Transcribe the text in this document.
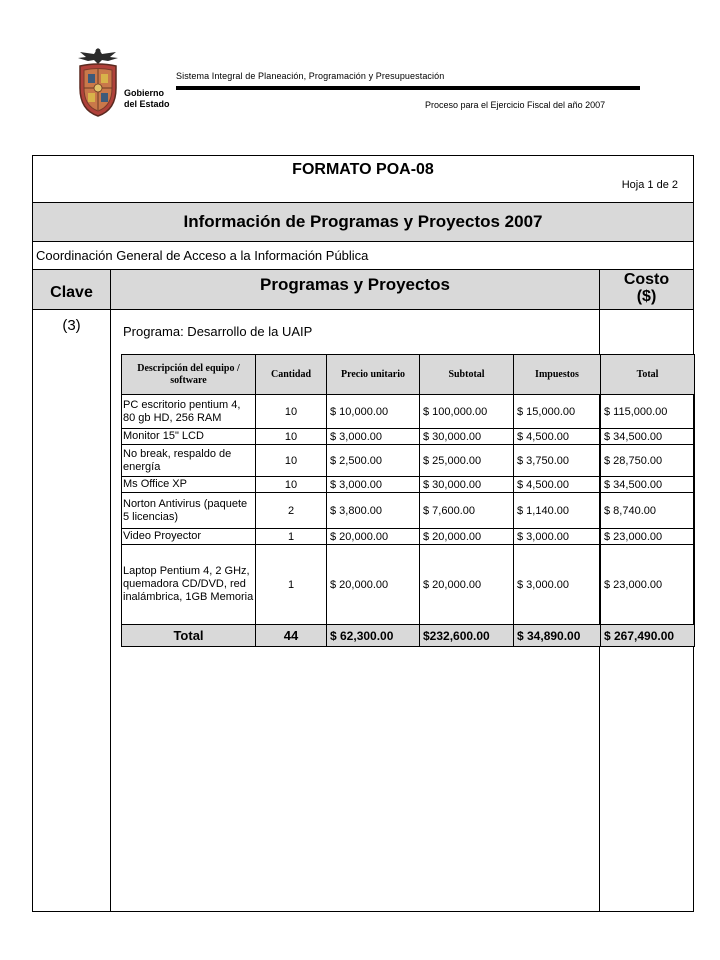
Gobierno
del Estado
Sistema Integral de Planeación, Programación y Presupuestación
Proceso para el Ejercicio Fiscal del año 2007
FORMATO POA-08
Hoja 1 de 2
Información de Programas y Proyectos 2007
Coordinación General de Acceso a la Información Pública
Clave	Programas y Proyectos	Costo
($)
(3)	Programa: Desarrollo de la UAIP
Descripción del equipo / software	Cantidad	Precio unitario	Subtotal	Impuestos	Total
PC escritorio pentium 4, 80 gb HD, 256 RAM	10	$ 10,000.00	$ 100,000.00	$ 15,000.00	$ 115,000.00
Monitor 15" LCD	10	$ 3,000.00	$ 30,000.00	$ 4,500.00	$ 34,500.00
No break, respaldo de energía	10	$ 2,500.00	$ 25,000.00	$ 3,750.00	$ 28,750.00
Ms Office XP	10	$ 3,000.00	$ 30,000.00	$ 4,500.00	$ 34,500.00
Norton Antivirus (paquete 5 licencias)	2	$ 3,800.00	$ 7,600.00	$ 1,140.00	$ 8,740.00
Video Proyector	1	$ 20,000.00	$ 20,000.00	$ 3,000.00	$ 23,000.00
Laptop Pentium 4, 2 GHz, quemadora CD/DVD, red inalámbrica, 1GB Memoria	1	$ 20,000.00	$ 20,000.00	$ 3,000.00	$ 23,000.00
Total	44	$ 62,300.00	$232,600.00	$ 34,890.00	$ 267,490.00
